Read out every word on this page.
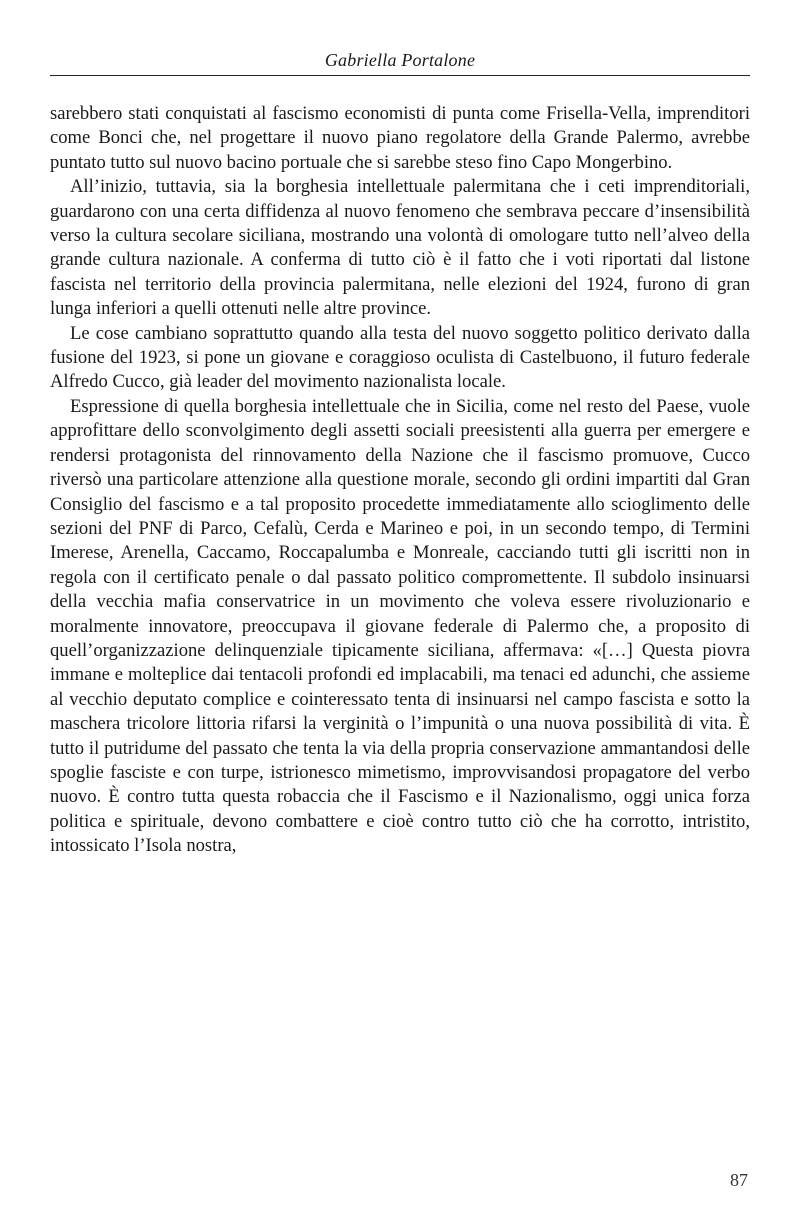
Gabriella Portalone

sarebbero stati conquistati al fascismo economisti di punta come Frisella-Vella, imprenditori come Bonci che, nel progettare il nuovo piano regolatore della Grande Palermo, avrebbe puntato tutto sul nuovo bacino portuale che si sarebbe steso fino Capo Mongerbino.

All’inizio, tuttavia, sia la borghesia intellettuale palermitana che i ceti imprenditoriali, guardarono con una certa diffidenza al nuovo fenomeno che sembrava peccare d’insensibilità verso la cultura secolare siciliana, mostrando una volontà di omologare tutto nell’alveo della grande cultura nazionale. A conferma di tutto ciò è il fatto che i voti riportati dal listone fascista nel territorio della provincia palermitana, nelle elezioni del 1924, furono di gran lunga inferiori a quelli ottenuti nelle altre province.

Le cose cambiano soprattutto quando alla testa del nuovo soggetto politico derivato dalla fusione del 1923, si pone un giovane e coraggioso oculista di Castelbuono, il futuro federale Alfredo Cucco, già leader del movimento nazionalista locale.

Espressione di quella borghesia intellettuale che in Sicilia, come nel resto del Paese, vuole approfittare dello sconvolgimento degli assetti sociali preesistenti alla guerra per emergere e rendersi protagonista del rinnovamento della Nazione che il fascismo promuove, Cucco riversò una particolare attenzione alla questione morale, secondo gli ordini impartiti dal Gran Consiglio del fascismo e a tal proposito procedette immediatamente allo scioglimento delle sezioni del PNF di Parco, Cefalù, Cerda e Marineo e poi, in un secondo tempo, di Termini Imerese, Arenella, Caccamo, Roccapalumba e Monreale, cacciando tutti gli iscritti non in regola con il certificato penale o dal passato politico compromettente. Il subdolo insinuarsi della vecchia mafia conservatrice in un movimento che voleva essere rivoluzionario e moralmente innovatore, preoccupava il giovane federale di Palermo che, a proposito di quell’organizzazione delinquenziale tipicamente siciliana, affermava: «[…] Questa piovra immane e molteplice dai tentacoli profondi ed implacabili, ma tenaci ed adunchi, che assieme al vecchio deputato complice e cointeressato tenta di insinuarsi nel campo fascista e sotto la maschera tricolore littoria rifarsi la verginità o l’impunità o una nuova possibilità di vita. È tutto il putridume del passato che tenta la via della propria conservazione ammantandosi delle spoglie fasciste e con turpe, istrionesco mimetismo, improvvisandosi propagatore del verbo nuovo. È contro tutta questa robaccia che il Fascismo e il Nazionalismo, oggi unica forza politica e spirituale, devono combattere e cioè contro tutto ciò che ha corrotto, intristito, intossicato l’Isola nostra,

87
